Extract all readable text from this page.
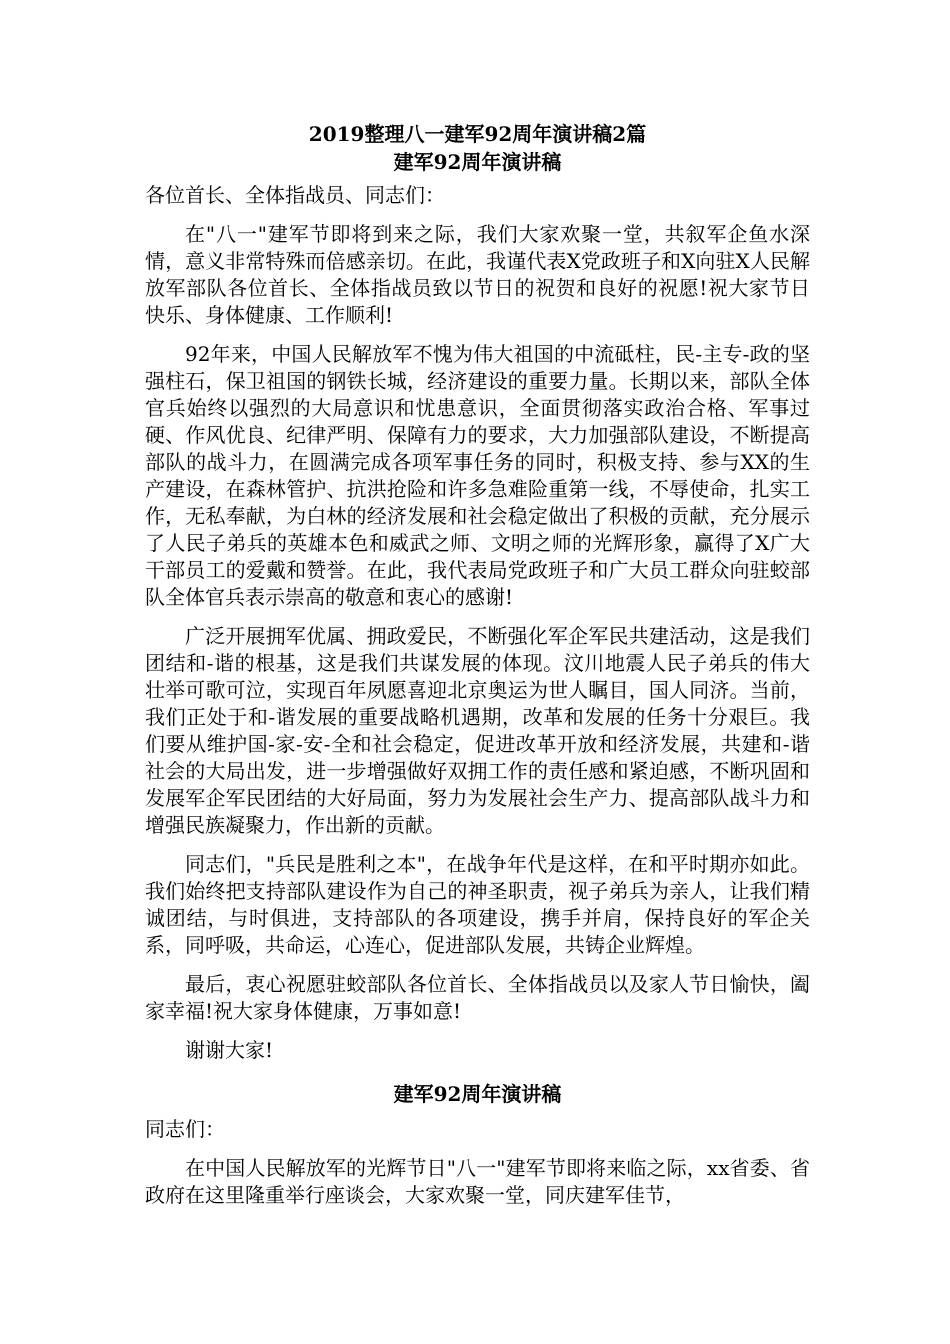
2019整理八一建军92周年演讲稿2篇
建军92周年演讲稿

各位首长、全体指战员、同志们：

在"八一"建军节即将到来之际，我们大家欢聚一堂，共叙军企鱼水深情，意义非常特殊而倍感亲切。在此，我谨代表X党政班子和X向驻X人民解放军部队各位首长、全体指战员致以节日的祝贺和良好的祝愿!祝大家节日快乐、身体健康、工作顺利!

92年来，中国人民解放军不愧为伟大祖国的中流砥柱，民-主专-政的坚强柱石，保卫祖国的钢铁长城，经济建设的重要力量。长期以来，部队全体官兵始终以强烈的大局意识和忧患意识，全面贯彻落实政治合格、军事过硬、作风优良、纪律严明、保障有力的要求，大力加强部队建设，不断提高部队的战斗力，在圆满完成各项军事任务的同时，积极支持、参与XX的生产建设，在森林管护、抗洪抢险和许多急难险重第一线，不辱使命，扎实工作，无私奉献，为白林的经济发展和社会稳定做出了积极的贡献，充分展示了人民子弟兵的英雄本色和威武之师、文明之师的光辉形象，赢得了X广大干部员工的爱戴和赞誉。在此，我代表局党政班子和广大员工群众向驻蛟部队全体官兵表示崇高的敬意和衷心的感谢!

广泛开展拥军优属、拥政爱民，不断强化军企军民共建活动，这是我们团结和-谐的根基，这是我们共谋发展的体现。汶川地震人民子弟兵的伟大壮举可歌可泣，实现百年夙愿喜迎北京奥运为世人瞩目，国人同济。当前，我们正处于和-谐发展的重要战略机遇期，改革和发展的任务十分艰巨。我们要从维护国-家-安-全和社会稳定，促进改革开放和经济发展，共建和-谐社会的大局出发，进一步增强做好双拥工作的责任感和紧迫感，不断巩固和发展军企军民团结的大好局面，努力为发展社会生产力、提高部队战斗力和增强民族凝聚力，作出新的贡献。

同志们，"兵民是胜利之本"，在战争年代是这样，在和平时期亦如此。我们始终把支持部队建设作为自己的神圣职责，视子弟兵为亲人，让我们精诚团结，与时俱进，支持部队的各项建设，携手并肩，保持良好的军企关系，同呼吸，共命运，心连心，促进部队发展，共铸企业辉煌。

最后，衷心祝愿驻蛟部队各位首长、全体指战员以及家人节日愉快，阖家幸福!祝大家身体健康，万事如意!

谢谢大家!

建军92周年演讲稿

同志们：

在中国人民解放军的光辉节日"八一"建军节即将来临之际，xx省委、省政府在这里隆重举行座谈会，大家欢聚一堂，同庆建军佳节，
